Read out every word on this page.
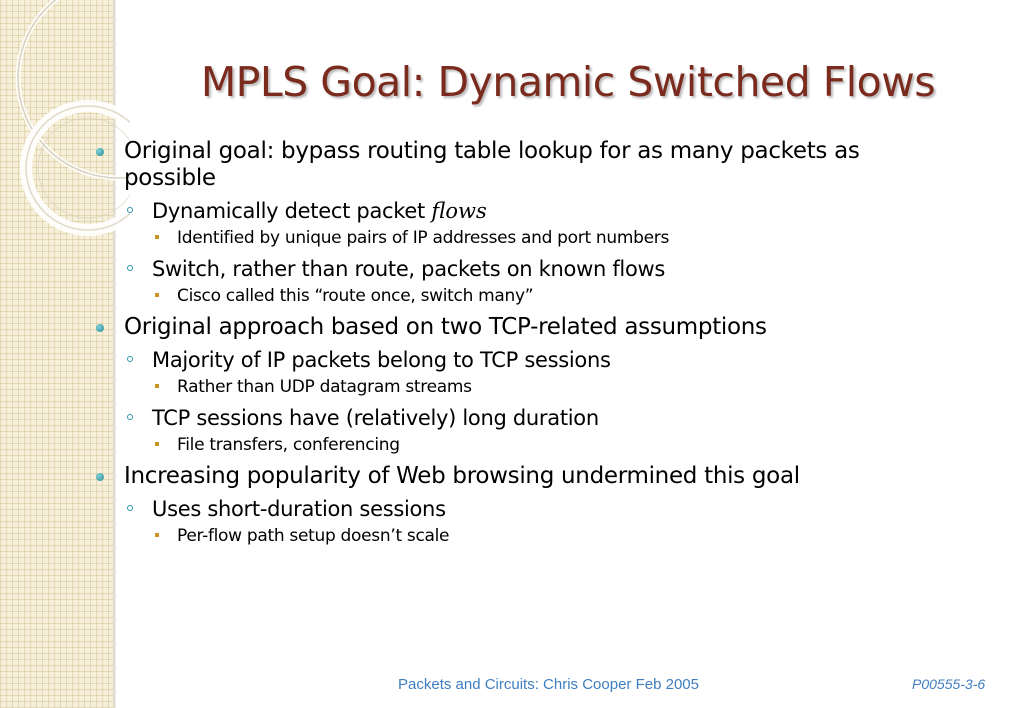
MPLS Goal: Dynamic Switched Flows
Original goal: bypass routing table lookup for as many packets as possible
Dynamically detect packet flows
Identified by unique pairs of IP addresses and port numbers
Switch, rather than route, packets on known flows
Cisco called this “route once, switch many”
Original approach based on two TCP-related assumptions
Majority of IP packets belong to TCP sessions
Rather than UDP datagram streams
TCP sessions have (relatively) long duration
File transfers, conferencing
Increasing popularity of Web browsing undermined this goal
Uses short-duration sessions
Per-flow path setup doesn’t scale
Packets and Circuits: Chris Cooper Feb 2005	P00555-3-6
